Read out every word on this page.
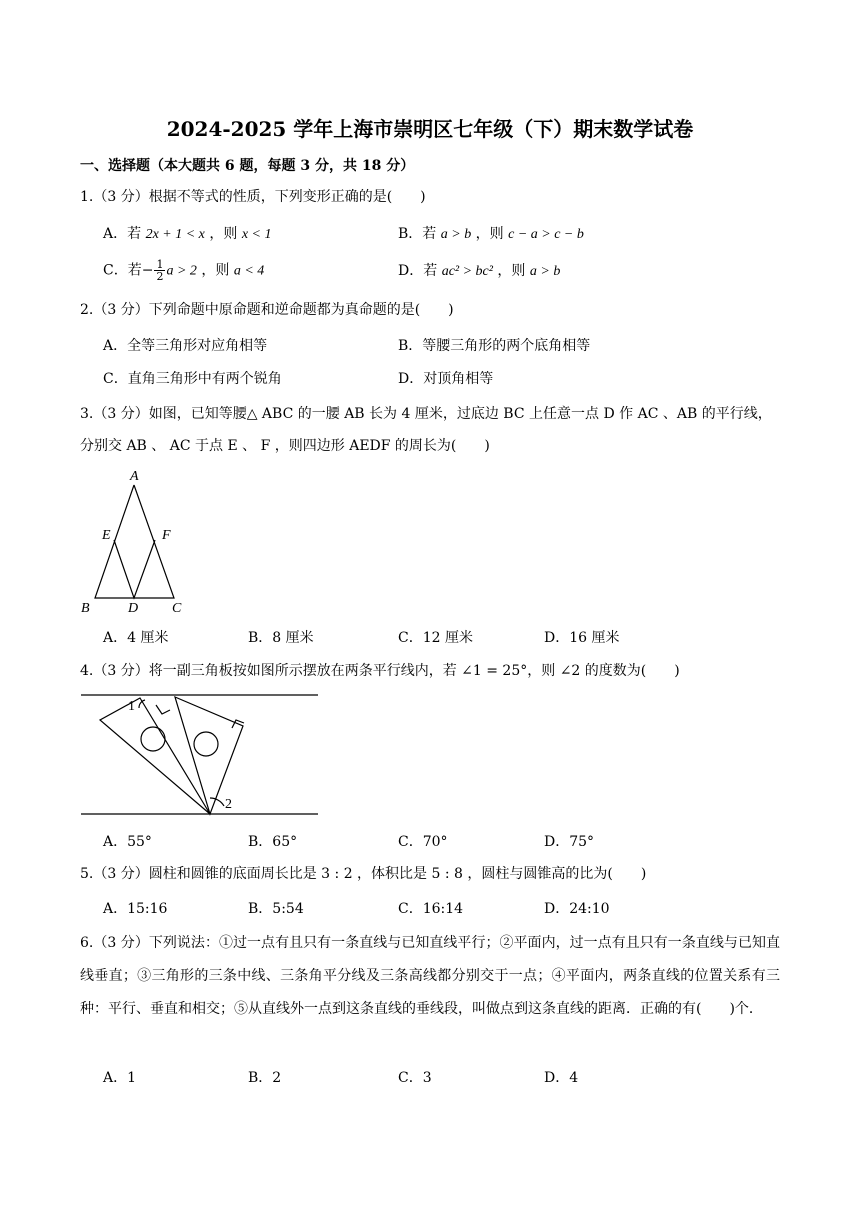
2024-2025 学年上海市崇明区七年级（下）期末数学试卷
一、选择题（本大题共 6 题，每题 3 分，共 18 分）
1.（3 分）根据不等式的性质，下列变形正确的是(　　)
A．若 2x + 1 < x ，则 x < 1	B．若 a > b ，则 c − a > c − b
C．若− $\frac{1}{2}$ a > 2 ，则 a < 4	D．若 ac² > bc² ，则 a > b
2.（3 分）下列命题中原命题和逆命题都为真命题的是(　　)
A．全等三角形对应角相等	B．等腰三角形的两个底角相等
C．直角三角形中有两个锐角	D．对顶角相等
3.（3 分）如图，已知等腰△ ABC 的一腰 AB 长为 4 厘米，过底边 BC 上任意一点 D 作 AC 、AB 的平行线，
分别交 AB 、 AC 于点 E 、 F ，则四边形 AEDF 的周长为(　　)
A
E	F
B	D C
A．4 厘米	B．8 厘米	C．12 厘米	D．16 厘米
4.（3 分）将一副三角板按如图所示摆放在两条平行线内，若 ∠1 = 25°，则 ∠2 的度数为(　　)
1
2
A．55°	B．65°	C．70°	D．75°
5.（3 分）圆柱和圆锥的底面周长比是 3 : 2 ，体积比是 5 : 8 ，圆柱与圆锥高的比为(　　)
A．15:16	B．5:54	C．16:14	D．24:10
6.（3 分）下列说法：①过一点有且只有一条直线与已知直线平行；②平面内，过一点有且只有一条直线与已知直线垂直；③三角形的三条中线、三条角平分线及三条高线都分别交于一点；④平面内，两条直线的位置关系有三种：平行、垂直和相交；⑤从直线外一点到这条直线的垂线段，叫做点到这条直线的距离．正确的有(　　)个．
A．1	B．2	C．3	D．4
